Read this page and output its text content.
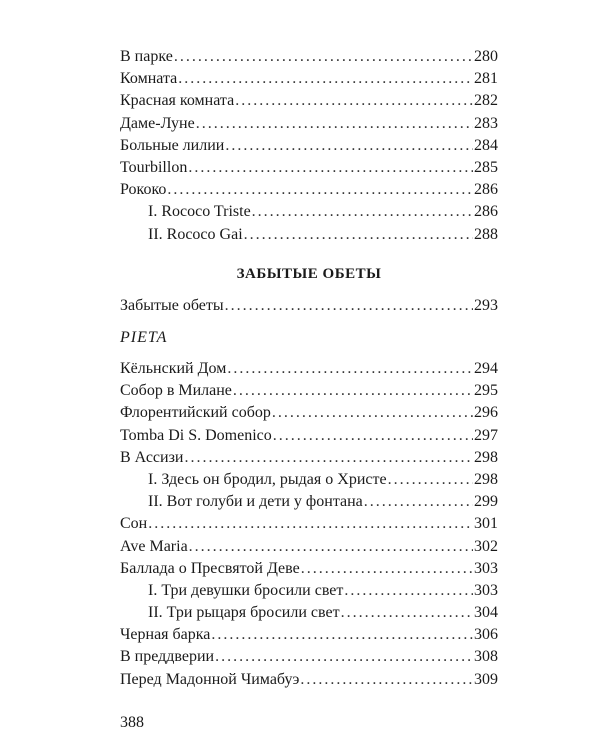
В парке .....	280
Комната .....	281
Красная комната .....	282
Даме-Луне .....	283
Больные лилии .....	284
Tourbillon .....	285
Рококо .....	286
I. Rococo Triste .....	286
II. Rococo Gai .....	288
ЗАБЫТЫЕ ОБЕТЫ
Забытые обеты .....	293
PIETA
Кёльнский Дом .....	294
Собор в Милане .....	295
Флорентийский собор .....	296
Tomba Di S. Domenico .....	297
В Ассизи .....	298
I. Здесь он бродил, рыдая о Христе .....	298
II. Вот голуби и дети у фонтана .....	299
Сон .....	301
Ave Maria .....	302
Баллада о Пресвятой Деве .....	303
I. Три девушки бросили свет .....	303
II. Три рыцаря бросили свет .....	304
Черная барка .....	306
В преддверии .....	308
Перед Мадонной Чимабуэ .....	309
388
